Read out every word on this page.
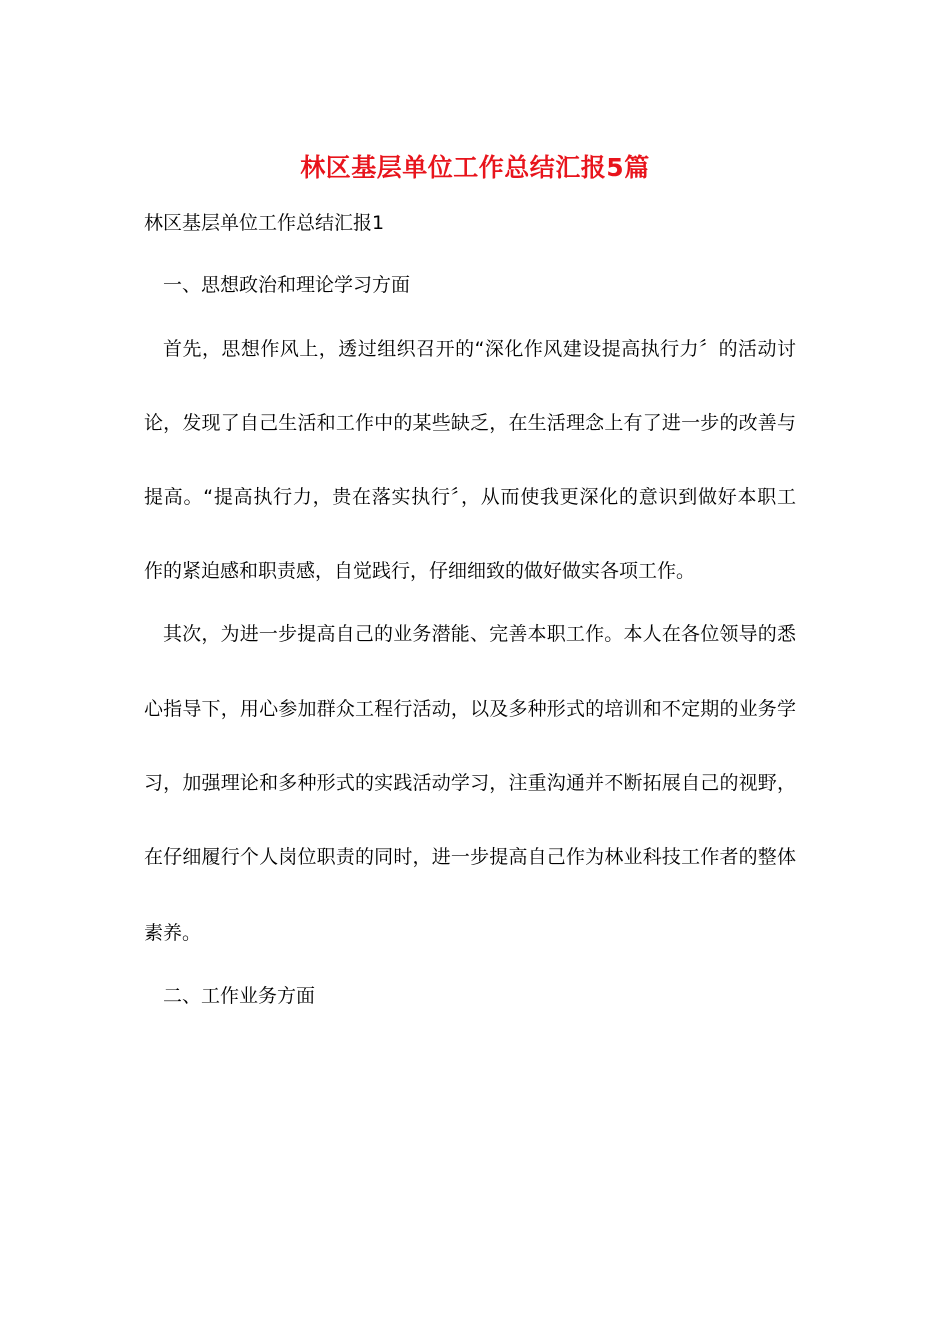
林区基层单位工作总结汇报5篇
林区基层单位工作总结汇报1
一、思想政治和理论学习方面
首先，思想作风上，透过组织召开的“深化作风建设提高执行力〞的活动讨
论，发现了自己生活和工作中的某些缺乏，在生活理念上有了进一步的改善与
提高。“提高执行力，贵在落实执行〞，从而使我更深化的意识到做好本职工
作的紧迫感和职责感，自觉践行，仔细细致的做好做实各项工作。
其次，为进一步提高自己的业务潜能、完善本职工作。本人在各位领导的悉
心指导下，用心参加群众工程行活动，以及多种形式的培训和不定期的业务学
习，加强理论和多种形式的实践活动学习，注重沟通并不断拓展自己的视野，
在仔细履行个人岗位职责的同时，进一步提高自己作为林业科技工作者的整体
素养。
二、工作业务方面
